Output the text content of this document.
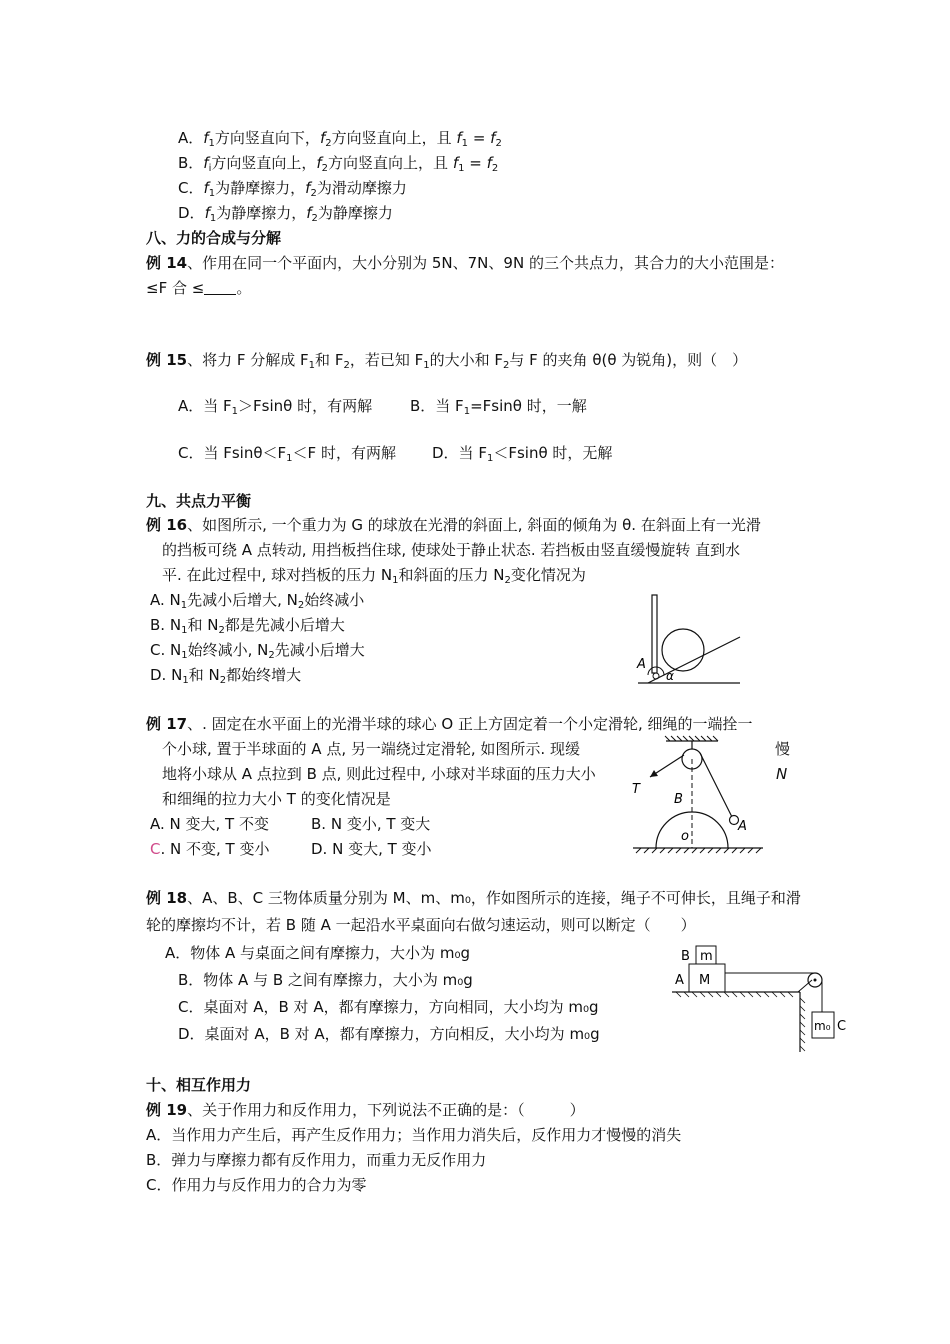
A．$f_1$方向竖直向下，$f_2$方向竖直向上，且 $f_1 = f_2$
B．$f_i$方向竖直向上，$f_2$方向竖直向上，且 $f_1 = f_2$
C．$f_1$为静摩擦力，$f_2$为滑动摩擦力
D．$f_1$为静摩擦力，$f_2$为静摩擦力
八、力的合成与分解
例 14、作用在同一个平面内，大小分别为 5N、7N、9N 的三个共点力，其合力的大小范围是：
≤F 合 ≤ 。
例 15、将力 F 分解成 $F_1$和 $F_2$，若已知 $F_1$的大小和 $F_2$与 F 的夹角 θ(θ 为锐角)，则（　）
A．当 $F_1>Fsin\theta$ 时，有两解	B．当 $F_1=Fsin\theta$ 时，一解
C．当 $Fsin\theta<F_1<F$ 时，有两解 D．当 $F_1<Fsin\theta$ 时，无解
九、共点力平衡
例 16、如图所示, 一个重力为 G 的球放在光滑的斜面上, 斜面的倾角为 θ. 在斜面上有一光滑
的挡板可绕 A 点转动, 用挡板挡住球, 使球处于静止状态. 若挡板由竖直缓慢旋转 直到水
平. 在此过程中, 球对挡板的压力 $N_1$和斜面的压力 $N_2$变化情况为
A. $N_1$先减小后增大, $N_2$始终减小
B. $N_1$和 $N_2$都是先减小后增大
C. $N_1$始终减小, $N_2$先减小后增大
D. $N_1$和 $N_2$都始终增大
A
α
例 17、. 固定在水平面上的光滑半球的球心 O 正上方固定着一个小定滑轮, 细绳的一端拴一
个小球, 置于半球面的 A 点, 另一端绕过定滑轮, 如图所示. 现缓	慢
地将小球从 A 点拉到 B 点, 则此过程中, 小球对半球面的压力大小	N
和细绳的拉力大小 T 的变化情况是
A. N 变大, T 不变	B. N 变小, T 变大
C. N 不变, T 变小	D. N 变大, T 变小
T
B
A
o
例 18、A、B、C 三物体质量分别为 M、m、m₀，作如图所示的连接，绳子不可伸长，且绳子和滑
轮的摩擦均不计，若 B 随 A 一起沿水平桌面向右做匀速运动，则可以断定（　　）
A．物体 A 与桌面之间有摩擦力，大小为 m₀g
B．物体 A 与 B 之间有摩擦力，大小为 m₀g
C．桌面对 A，B 对 A，都有摩擦力，方向相同，大小均为 m₀g
D．桌面对 A，B 对 A，都有摩擦力，方向相反，大小均为 m₀g
m
B
M
A
m₀ C
十、相互作用力
例 19、关于作用力和反作用力，下列说法不正确的是：（　　　）
A．当作用力产生后，再产生反作用力；当作用力消失后，反作用力才慢慢的消失
B．弹力与摩擦力都有反作用力，而重力无反作用力
C．作用力与反作用力的合力为零
